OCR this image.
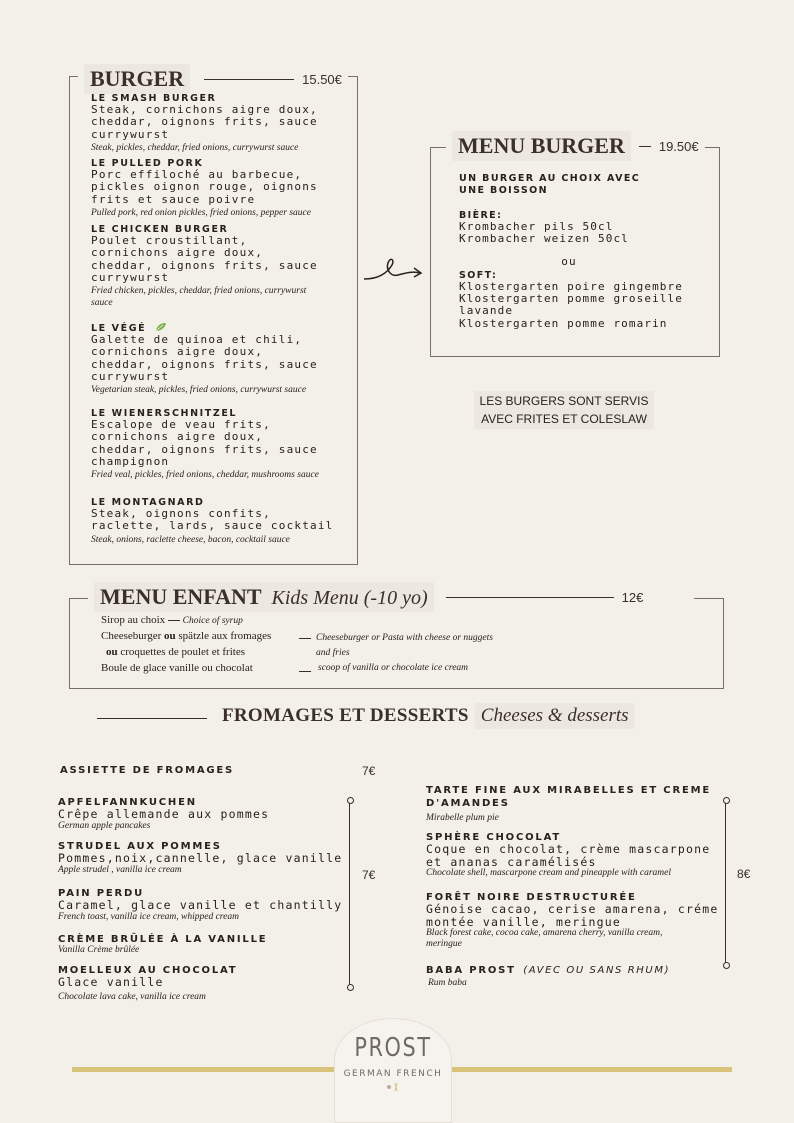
BURGER	15.50€
LE SMASH BURGER
Steak, cornichons aigre doux,
cheddar, oignons frits, sauce
currywurst
Steak, pickles, cheddar, fried onions, currywurst sauce
LE PULLED PORK
Porc effiloché au barbecue,
pickles oignon rouge, oignons
frits et sauce poivre
Pulled pork, red onion pickles, fried onions, pepper sauce
LE CHICKEN BURGER
Poulet croustillant,
cornichons aigre doux,
cheddar, oignons frits, sauce
currywurst
Fried chicken, pickles, cheddar, fried onions, currywurst
sauce
LE VÉGÉ
Galette de quinoa et chili,
cornichons aigre doux,
cheddar, oignons frits, sauce
currywurst
Vegetarian steak, pickles, fried onions, currywurst sauce
LE WIENERSCHNITZEL
Escalope de veau frits,
cornichons aigre doux,
cheddar, oignons frits, sauce
champignon
Fried veal, pickles, fried onions, cheddar, mushrooms sauce
LE MONTAGNARD
Steak, oignons confits,
raclette, lards, sauce cocktail
Steak, onions, raclette cheese, bacon, cocktail sauce
MENU BURGER	19.50€
UN BURGER AU CHOIX AVEC
UNE BOISSON
BIÈRE:
Krombacher pils 50cl
Krombacher weizen 50cl
ou
SOFT:
Klostergarten poire gingembre
Klostergarten pomme groseille
lavande
Klostergarten pomme romarin
LES BURGERS SONT SERVIS
AVEC FRITES ET COLESLAW
MENU ENFANT Kids Menu (-10 yo)	12€
Sirop au choix Choice of syrup
Cheeseburger ou spätzle aux fromages
ou croquettes de poulet et frites
Cheeseburger or Pasta with cheese or nuggets
and fries
Boule de glace vanille ou chocolat	scoop of vanilla or chocolate ice cream
FROMAGES ET DESSERTS Cheeses & desserts
ASSIETTE DE FROMAGES	7€
APFELFANNKUCHEN
Crêpe allemande aux pommes
German apple pancakes
STRUDEL AUX POMMES
Pommes,noix,cannelle, glace vanille
Apple strudel , vanilla ice cream
PAIN PERDU
Caramel, glace vanille et chantilly
French toast, vanilla ice cream, whipped cream
CRÈME BRÛLÉE À LA VANILLE
Vanilla Crème brûlée
MOELLEUX AU CHOCOLAT
Glace vanille
Chocolate lava cake, vanilla ice cream
7€
TARTE FINE AUX MIRABELLES ET CREME
D'AMANDES
Mirabelle plum pie
SPHÈRE CHOCOLAT
Coque en chocolat, crème mascarpone
et ananas caramélisés
Chocolate shell, mascarpone cream and pineapple with caramel
FORÊT NOIRE DESTRUCTURÉE
Génoise cacao, cerise amarena, créme
montée vanille, meringue
Black forest cake, cocoa cake, amarena cherry, vanilla cream,
meringue
BABA PROST (AVEC OU SANS RHUM)
Rum baba
8€
PROST
GERMAN FRENCH
